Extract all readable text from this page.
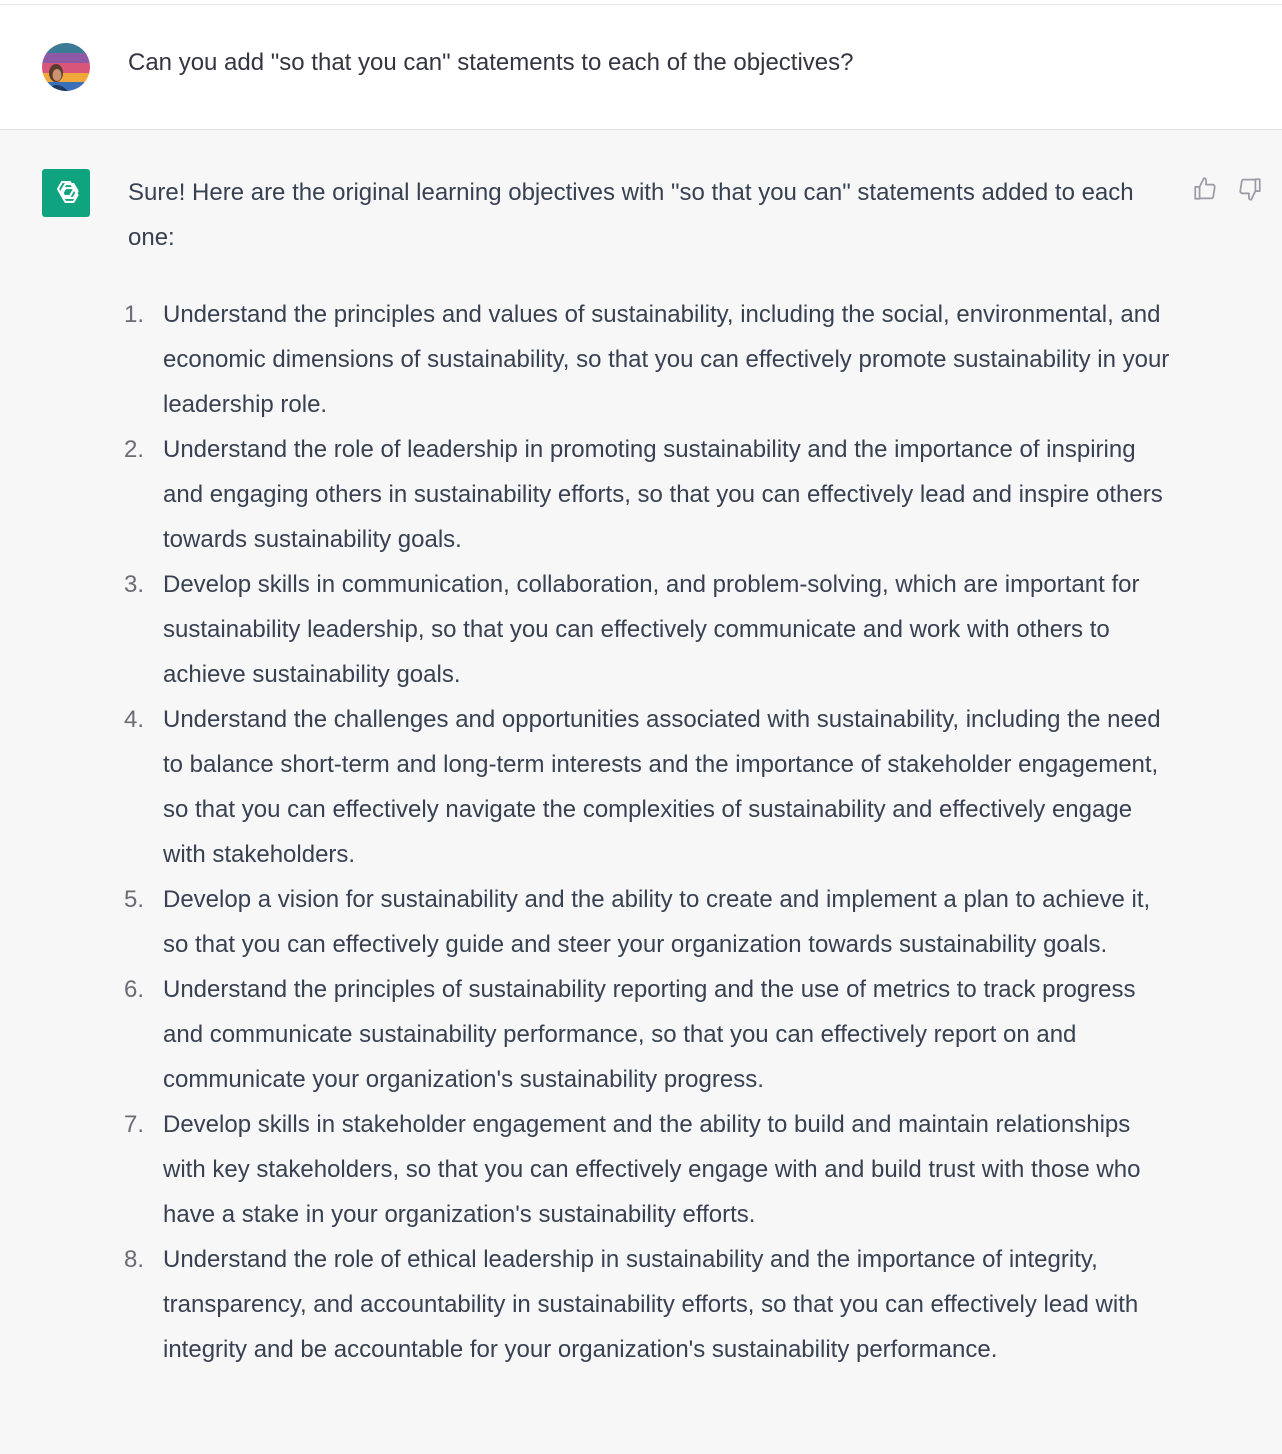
Can you add "so that you can" statements to each of the objectives?

Sure! Here are the original learning objectives with "so that you can" statements added to each one:

1. Understand the principles and values of sustainability, including the social, environmental, and economic dimensions of sustainability, so that you can effectively promote sustainability in your leadership role.
2. Understand the role of leadership in promoting sustainability and the importance of inspiring and engaging others in sustainability efforts, so that you can effectively lead and inspire others towards sustainability goals.
3. Develop skills in communication, collaboration, and problem-solving, which are important for sustainability leadership, so that you can effectively communicate and work with others to achieve sustainability goals.
4. Understand the challenges and opportunities associated with sustainability, including the need to balance short-term and long-term interests and the importance of stakeholder engagement, so that you can effectively navigate the complexities of sustainability and effectively engage with stakeholders.
5. Develop a vision for sustainability and the ability to create and implement a plan to achieve it, so that you can effectively guide and steer your organization towards sustainability goals.
6. Understand the principles of sustainability reporting and the use of metrics to track progress and communicate sustainability performance, so that you can effectively report on and communicate your organization's sustainability progress.
7. Develop skills in stakeholder engagement and the ability to build and maintain relationships with key stakeholders, so that you can effectively engage with and build trust with those who have a stake in your organization's sustainability efforts.
8. Understand the role of ethical leadership in sustainability and the importance of integrity, transparency, and accountability in sustainability efforts, so that you can effectively lead with integrity and be accountable for your organization's sustainability performance.
